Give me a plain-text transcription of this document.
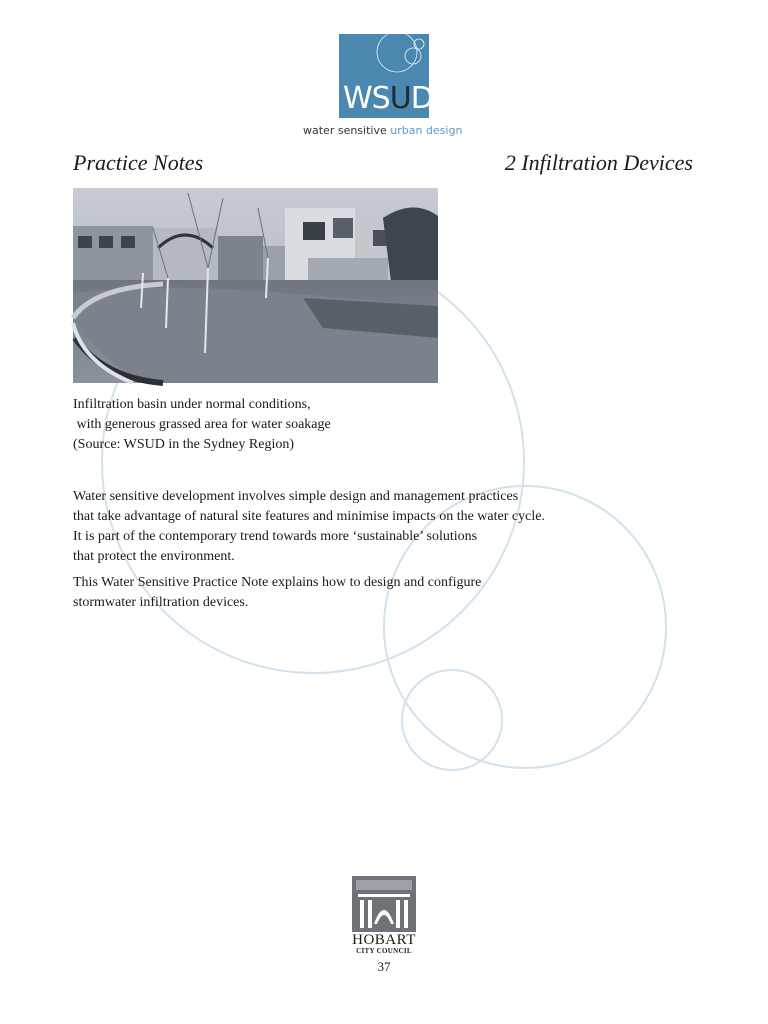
WSUD
water sensitive urban design
Practice Notes	2 Infiltration Devices
Infiltration basin under normal conditions,
with generous grassed area for water soakage
(Source: WSUD in the Sydney Region)

Water sensitive development involves simple design and management practices
that take advantage of natural site features and minimise impacts on the water cycle.
It is part of the contemporary trend towards more ‘sustainable’ solutions
that protect the environment.

This Water Sensitive Practice Note explains how to design and configure
stormwater infiltration devices.

HOBART
CITY COUNCIL
37
